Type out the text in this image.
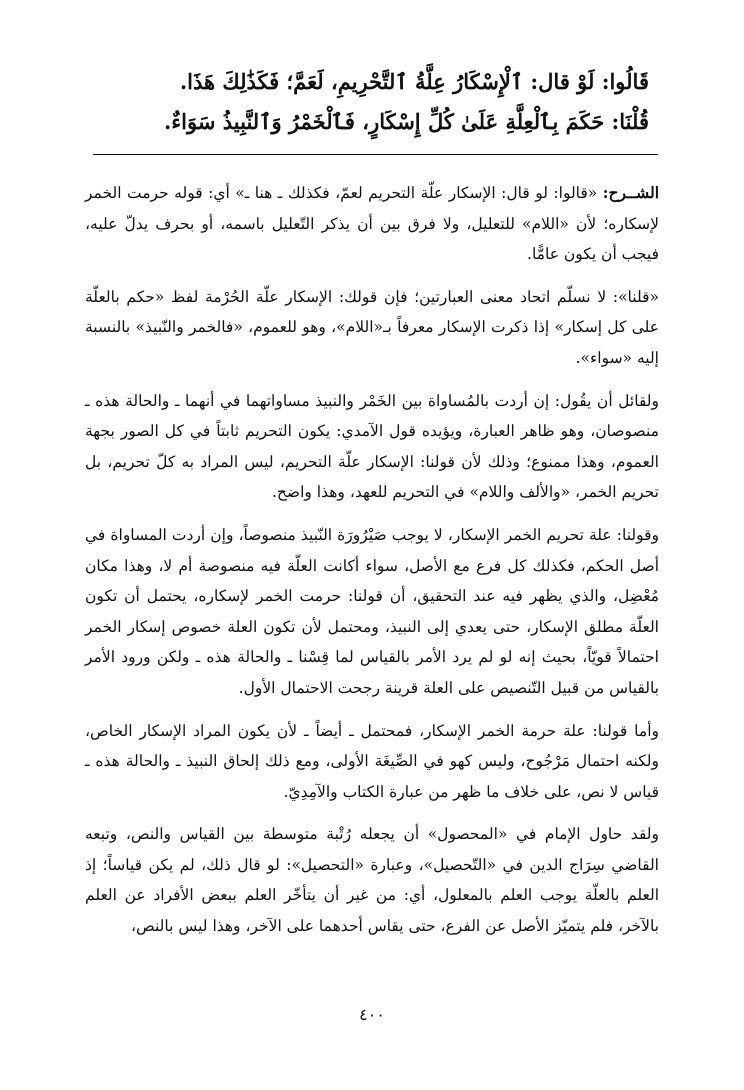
قَالُوا: لَوْ قال: ٱلْإِسْكَارُ عِلَّةُ ٱلتَّحْرِيمِ، لَعَمَّ؛ فَكَذَٰلِكَ هَذَا.
قُلْنَا: حَكَمَ بِٱلْعِلَّةِ عَلَىٰ كُلِّ إِسْكَارٍ، فَٱلْخَمْرُ وَٱلنَّبِيذُ سَوَاءٌ.

الشــرح: «قالوا: لو قال: الإسكار علّة التحريم لعمّ، فكذلك ـ هنا ـ» أي: قوله حرمت الخمر لإسكاره؛ لأن «اللام» للتعليل، ولا فرق بين أن يذكر التّعليل باسمه، أو بحرف يدلّ عليه، فيجب أن يكون عامًّا.

«قلنا»: لا نسلّم اتحاد معنى العبارتين؛ فإن قولك: الإسكار علّة الحُرْمة لفظ «حكم بالعلّة على كل إسكار» إذا ذكرت الإسكار معرفاً بـ«اللام»، وهو للعموم، «فالخمر والنّبيذ» بالنسبة إليه «سواء».

ولقائل أن يقُول: إن أردت بالمُساواة بين الخَمْر والنبيذ مساواتهما في أنهما ـ والحالة هذه ـ منصوصان، وهو ظاهر العبارة، ويؤيده قول الآمدي: يكون التحريم ثابتاً في كل الصور بجهة العموم، وهذا ممنوع؛ وذلك لأن قولنا: الإسكار علّة التحريم، ليس المراد به كلّ تحريم، بل تحريم الخمر، «والألف واللام» في التحريم للعهد، وهذا واضح.

وقولنا: علة تحريم الخمر الإسكار، لا يوجب صَيْرُورَة النّبيذ منصوصاً، وإن أردت المساواة في أصل الحكم، فكذلك كل فرع مع الأصل، سواء أكانت العلّة فيه منصوصة أم لا، وهذا مكان مُعْضِل، والذي يظهر فيه عند التحقيق، أن قولنا: حرمت الخمر لإسكاره، يحتمل أن تكون العلّة مطلق الإسكار، حتى يعدي إلى النبيذ، ومحتمل لأن تكون العلة خصوص إسكار الخمر احتمالاً قويّاً، بحيث إنه لو لم يرد الأمر بالقياس لما قِسْنا ـ والحالة هذه ـ ولكن ورود الأمر بالقياس من قبيل التّنصيص على العلة قرينة رجحت الاحتمال الأول.

وأما قولنا: علة حرمة الخمر الإسكار، فمحتمل ـ أيضاً ـ لأن يكون المراد الإسكار الخاص، ولكنه احتمال مَرْجُوح، وليس كهو في الصِّيغَة الأولى، ومع ذلك إلحاق النبيذ ـ والحالة هذه ـ قياس لا نص، على خلاف ما ظهر من عبارة الكتاب والآمِدِيّ.

ولقد حاول الإمام في «المحصول» أن يجعله رُتْبة متوسطة بين القياس والنص، وتبعه القاضي سِرَاج الدين في «التّحصيل»، وعبارة «التحصيل»: لو قال ذلك، لم يكن قياساً؛ إذ العلم بالعلّة يوجب العلم بالمعلول، أي: من غير أن يتأخّر العلم ببعض الأفراد عن العلم بالآخر، فلم يتميّز الأصل عن الفرع، حتى يقاس أحدهما على الآخر، وهذا ليس بالنص،

٤٠٠
